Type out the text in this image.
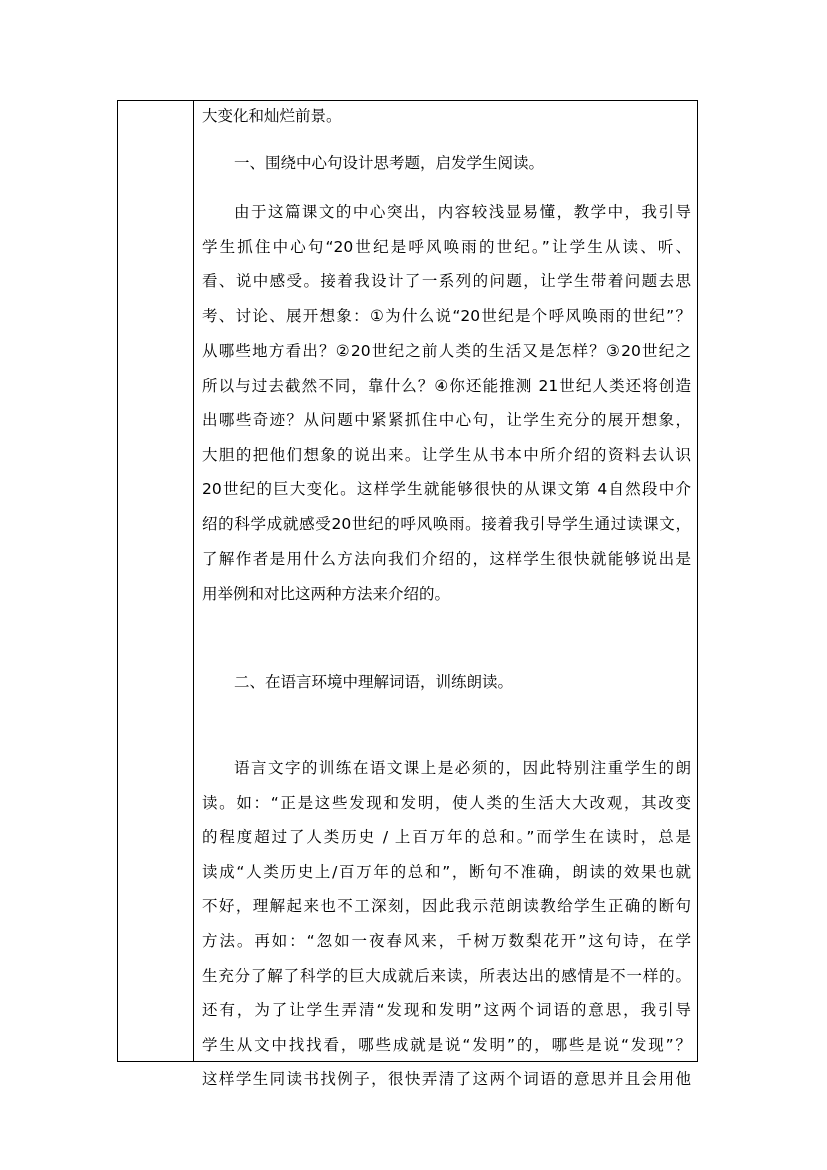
大变化和灿烂前景。
一、围绕中心句设计思考题，启发学生阅读。
由于这篇课文的中心突出，内容较浅显易懂，教学中，我引导
学生抓住中心句“20世纪是呼风唤雨的世纪。”让学生从读、听、
看、说中感受。接着我设计了一系列的问题，让学生带着问题去思
考、讨论、展开想象：①为什么说“20世纪是个呼风唤雨的世纪”？
从哪些地方看出？②20世纪之前人类的生活又是怎样？③20世纪之
所以与过去截然不同，靠什么？④你还能推测 21世纪人类还将创造
出哪些奇迹？从问题中紧紧抓住中心句，让学生充分的展开想象，
大胆的把他们想象的说出来。让学生从书本中所介绍的资料去认识
20世纪的巨大变化。这样学生就能够很快的从课文第 4自然段中介
绍的科学成就感受20世纪的呼风唤雨。接着我引导学生通过读课文，
了解作者是用什么方法向我们介绍的，这样学生很快就能够说出是
用举例和对比这两种方法来介绍的。
二、在语言环境中理解词语，训练朗读。
语言文字的训练在语文课上是必须的，因此特别注重学生的朗
读。如：“正是这些发现和发明，使人类的生活大大改观，其改变
的程度超过了人类历史 / 上百万年的总和。”而学生在读时，总是
读成“人类历史上/百万年的总和”，断句不准确，朗读的效果也就
不好，理解起来也不工深刻，因此我示范朗读教给学生正确的断句
方法。再如：“忽如一夜春风来，千树万数梨花开”这句诗，在学
生充分了解了科学的巨大成就后来读，所表达出的感情是不一样的。
还有，为了让学生弄清“发现和发明”这两个词语的意思，我引导
学生从文中找找看，哪些成就是说“发明”的，哪些是说“发现”？
这样学生同读书找例子，很快弄清了这两个词语的意思并且会用他
